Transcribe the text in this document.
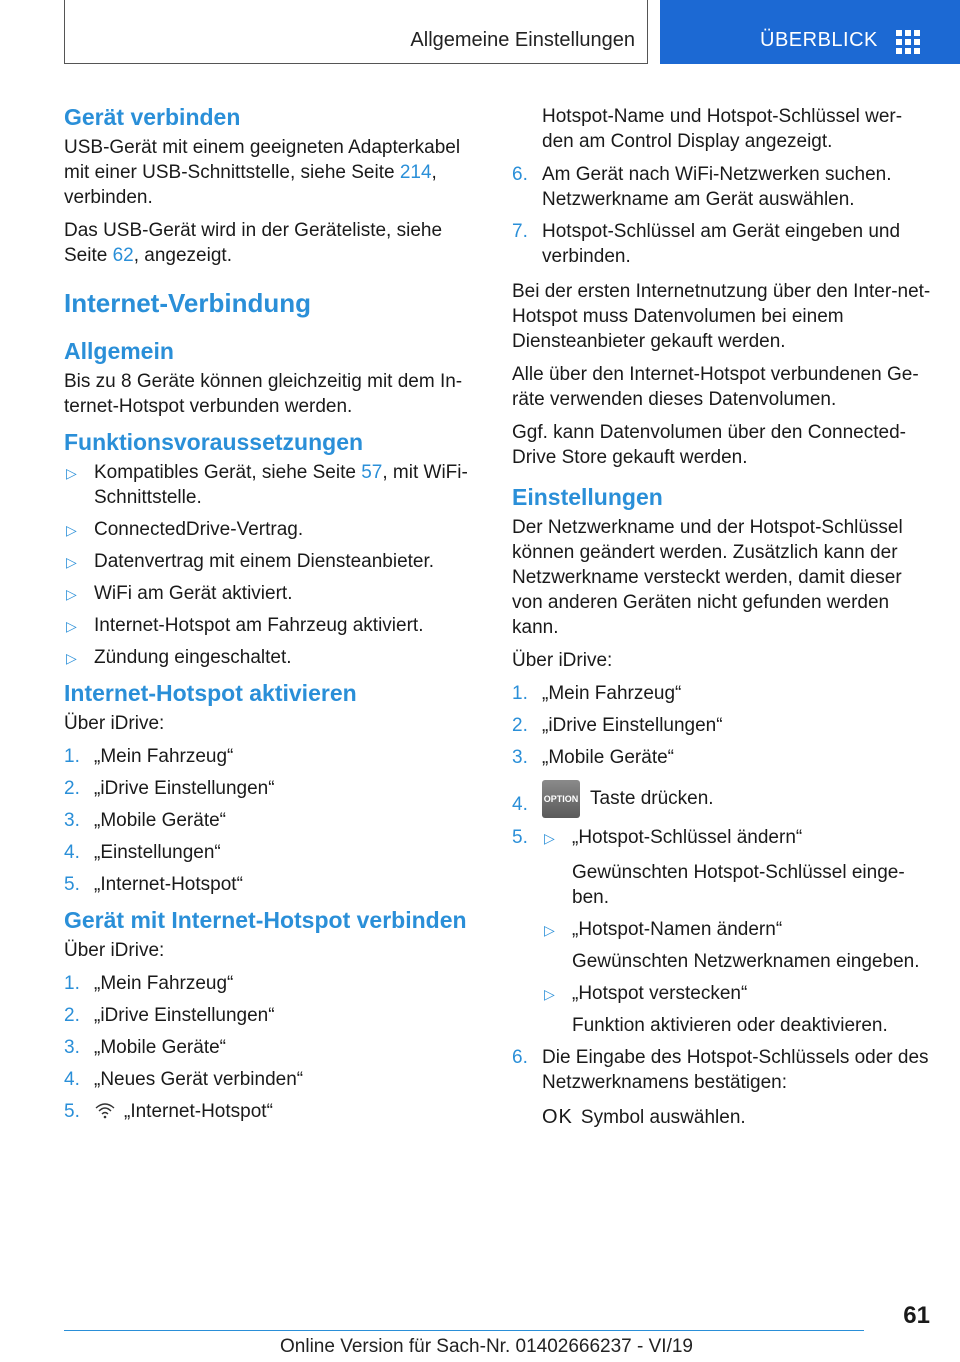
Allgemeine Einstellungen	ÜBERBLICK
Gerät verbinden

USB-Gerät mit einem geeigneten Adapterkabel mit einer USB-Schnittstelle, siehe Seite 214, verbinden.

Das USB-Gerät wird in der Geräteliste, siehe Seite 62, angezeigt.

Internet-Verbindung
Allgemein

Bis zu 8 Geräte können gleichzeitig mit dem In-ternet-Hotspot verbunden werden.

Funktionsvoraussetzungen
▷ Kompatibles Gerät, siehe Seite 57, mit WiFi-Schnittstelle.
▷ ConnectedDrive-Vertrag.
▷ Datenvertrag mit einem Diensteanbieter.
▷ WiFi am Gerät aktiviert.
▷ Internet-Hotspot am Fahrzeug aktiviert.
▷ Zündung eingeschaltet.
Internet-Hotspot aktivieren

Über iDrive:

1. „Mein Fahrzeug“
2. „iDrive Einstellungen“
3. „Mobile Geräte“
4. „Einstellungen“
5. „Internet-Hotspot“
Gerät mit Internet-Hotspot verbinden

Über iDrive:

1. „Mein Fahrzeug“
2. „iDrive Einstellungen“
3. „Mobile Geräte“
4. „Neues Gerät verbinden“
5. „Internet-Hotspot“

Hotspot-Name und Hotspot-Schlüssel wer-den am Control Display angezeigt.

6. Am Gerät nach WiFi-Netzwerken suchen. Netzwerkname am Gerät auswählen.
7. Hotspot-Schlüssel am Gerät eingeben und verbinden.

Bei der ersten Internetnutzung über den Inter-net-Hotspot muss Datenvolumen bei einem Diensteanbieter gekauft werden.

Alle über den Internet-Hotspot verbundenen Ge-räte verwenden dieses Datenvolumen.

Ggf. kann Datenvolumen über den Connected-Drive Store gekauft werden.

Einstellungen

Der Netzwerkname und der Hotspot-Schlüssel können geändert werden. Zusätzlich kann der Netzwerkname versteckt werden, damit dieser von anderen Geräten nicht gefunden werden kann.

Über iDrive:

1. „Mein Fahrzeug“
2. „iDrive Einstellungen“
3. „Mobile Geräte“
4. OPTION Taste drücken.
5. ▷ „Hotspot-Schlüssel ändern“
Gewünschten Hotspot-Schlüssel einge-ben.
▷ „Hotspot-Namen ändern“
Gewünschten Netzwerknamen eingeben.
▷ „Hotspot verstecken“
Funktion aktivieren oder deaktivieren.
6. Die Eingabe des Hotspot-Schlüssels oder des Netzwerknamens bestätigen:
OK Symbol auswählen.
61
Online Version für Sach-Nr. 01402666237 - VI/19
